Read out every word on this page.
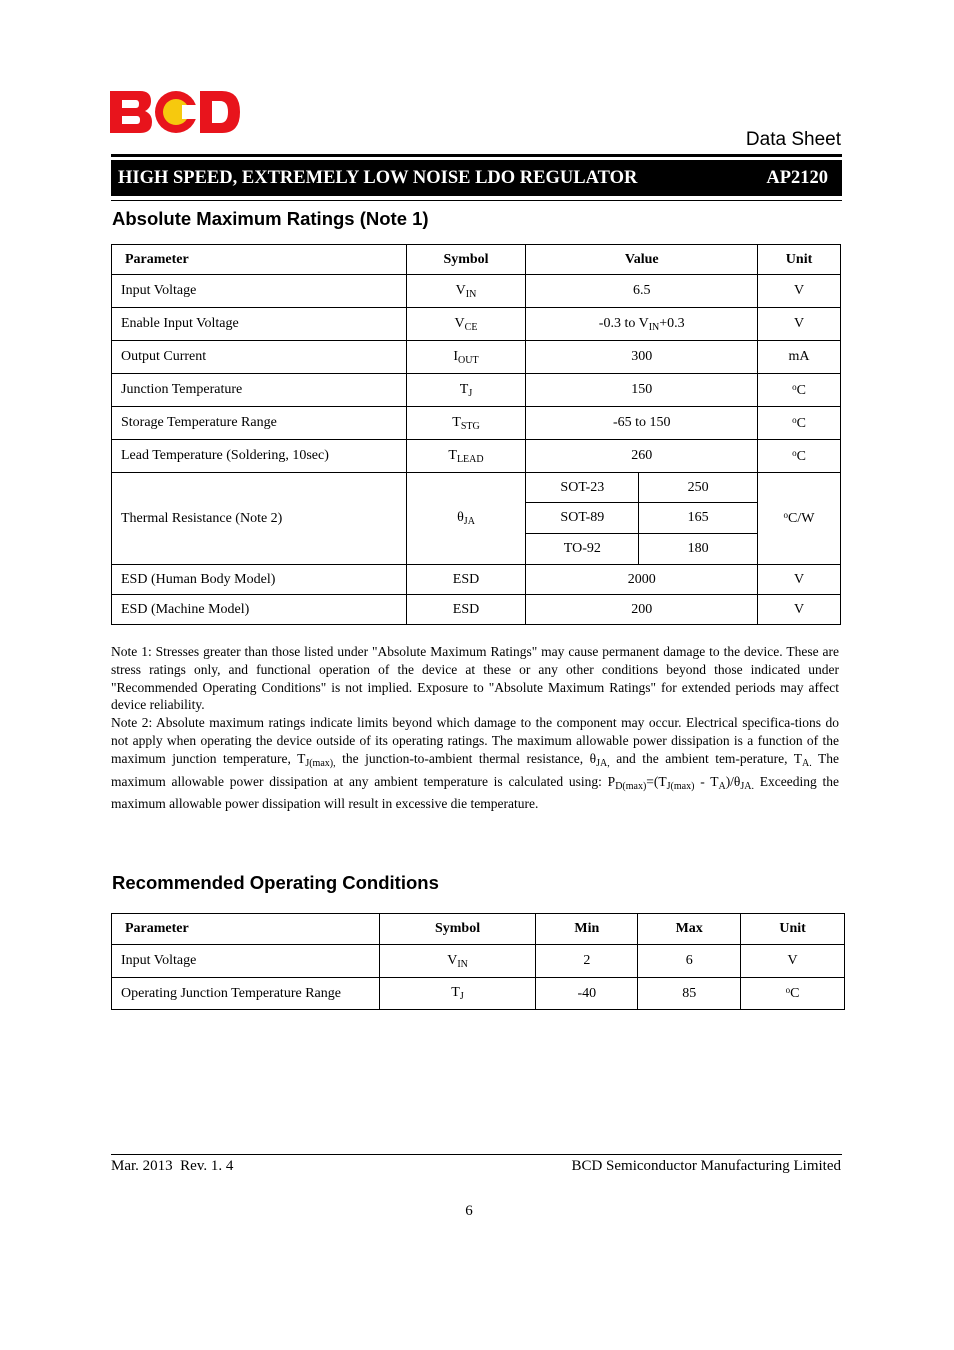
Data Sheet
HIGH SPEED, EXTREMELY LOW NOISE LDO REGULATOR	AP2120
Absolute Maximum Ratings (Note 1)
Parameter	Symbol	Value		Unit
Input Voltage	$V_{IN}$	6.5		V
Enable Input Voltage	$V_{CE}$	-0.3 to $V_{IN}+0.3$		V
Output Current	$I_{OUT}$	300		mA
Junction Temperature	$T_J$	150		$^o$C
Storage Temperature Range	$T_{STG}$	-65 to 150		$^o$C
Lead Temperature (Soldering, 10sec)	$T_{LEAD}$	260		$^o$C
Thermal Resistance (Note 2)	$\theta_{JA}$	SOT-23	250	$^o$C/W
		SOT-89	165	
		TO-92	180	
ESD (Human Body Model)	ESD	2000		V
ESD (Machine Model)	ESD	200		V

Note 1: Stresses greater than those listed under "Absolute Maximum Ratings" may cause permanent damage to the device. These are stress ratings only, and functional operation of the device at these or any other conditions beyond those indicated under "Recommended Operating Conditions" is not implied. Exposure to "Absolute Maximum Ratings" for extended periods may affect device reliability.

Note 2: Absolute maximum ratings indicate limits beyond which damage to the component may occur. Electrical specifica-tions do not apply when operating the device outside of its operating ratings. The maximum allowable power dissipation is a function of the maximum junction temperature, $T_{J(max),}$ the junction-to-ambient thermal resistance, $\theta_{JA,}$ and the ambient tem-perature, $T_{A.}$ The maximum allowable power dissipation at any ambient temperature is calculated using: $P_{D(max)}=(T_{J(max)} - T_A)/\theta_{JA.}$ Exceeding the maximum allowable power dissipation will result in excessive die temperature.

Recommended Operating Conditions
Parameter	Symbol	Min	Max	Unit
Input Voltage	$V_{IN}$	2	6	V
Operating Junction Temperature Range	$T_J$	-40	85	$^o$C
Mar. 2013  Rev. 1. 4	BCD Semiconductor Manufacturing Limited
6
